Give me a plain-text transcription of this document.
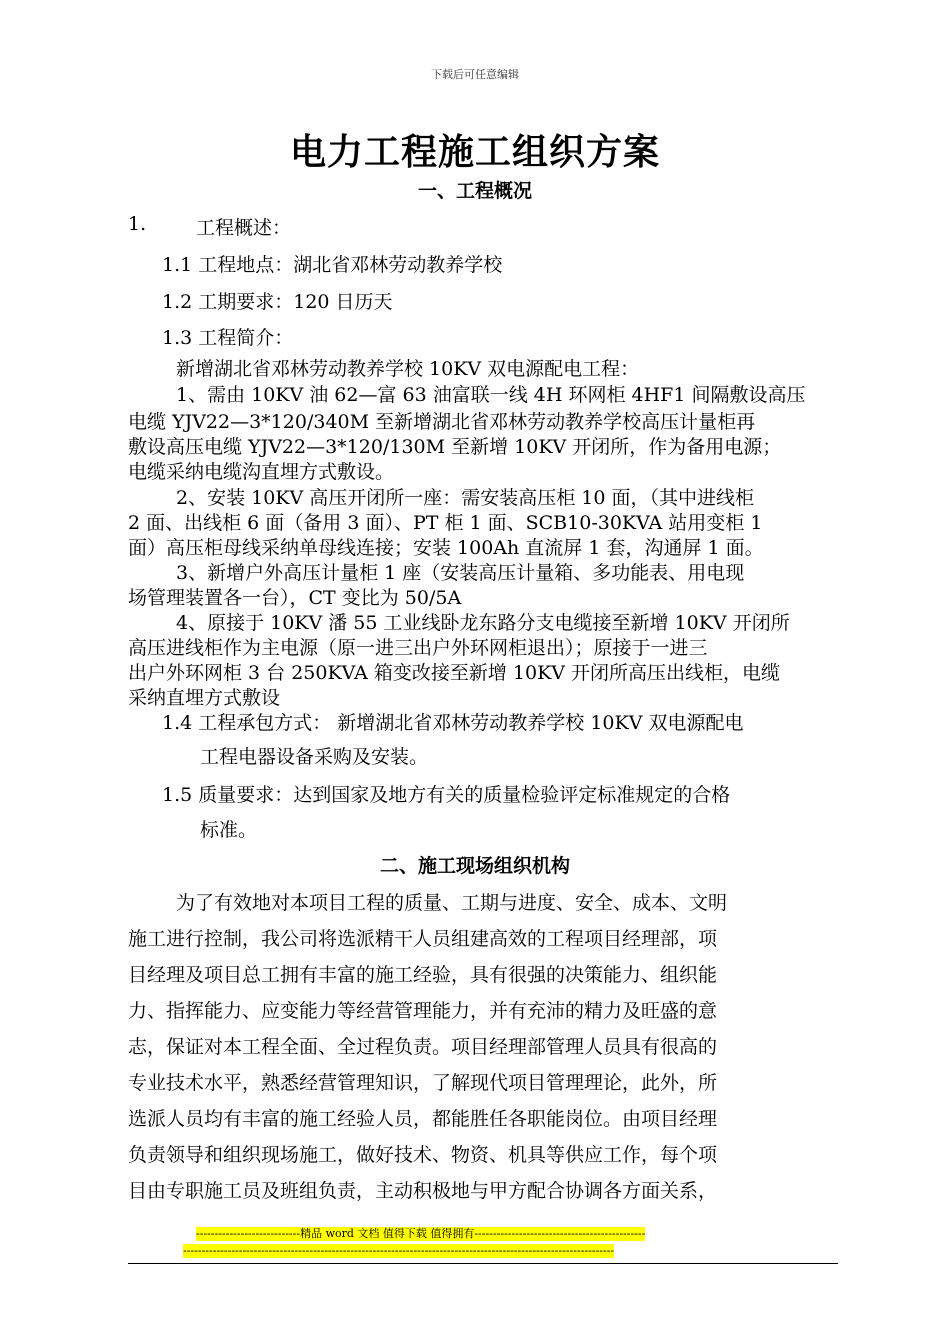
下载后可任意编辑
电力工程施工组织方案
一、工程概况
1.	工程概述：
1.1 工程地点：湖北省邓林劳动教养学校
1.2 工期要求：120 日历天
1.3 工程简介：
新增湖北省邓林劳动教养学校 10KV 双电源配电工程：
1、需由 10KV 油 62—富 63 油富联一线 4H 环网柜 4HF1 间隔敷设高压
电缆 YJV22—3*120/340M 至新增湖北省邓林劳动教养学校高压计量柜再
敷设高压电缆 YJV22—3*120/130M 至新增 10KV 开闭所，作为备用电源；
电缆采纳电缆沟直埋方式敷设。
2、安装 10KV 高压开闭所一座：需安装高压柜 10 面，（其中进线柜
2 面、出线柜 6 面（备用 3 面）、PT 柜 1 面、SCB10-30KVA 站用变柜 1
面）高压柜母线采纳单母线连接；安装 100Ah 直流屏 1 套，沟通屏 1 面。
3、新增户外高压计量柜 1 座（安装高压计量箱、多功能表、用电现
场管理装置各一台），CT 变比为 50/5A
4、原接于 10KV 潘 55 工业线卧龙东路分支电缆接至新增 10KV 开闭所
高压进线柜作为主电源（原一进三出户外环网柜退出）；原接于一进三
出户外环网柜 3 台 250KVA 箱变改接至新增 10KV 开闭所高压出线柜，电缆
采纳直埋方式敷设
1.4 工程承包方式： 新增湖北省邓林劳动教养学校 10KV 双电源配电
工程电器设备采购及安装。
1.5 质量要求：达到国家及地方有关的质量检验评定标准规定的合格
标准。
二、施工现场组织机构
为了有效地对本项目工程的质量、工期与进度、安全、成本、文明
施工进行控制，我公司将选派精干人员组建高效的工程项目经理部，项
目经理及项目总工拥有丰富的施工经验，具有很强的决策能力、组织能
力、指挥能力、应变能力等经营管理能力，并有充沛的精力及旺盛的意
志，保证对本工程全面、全过程负责。项目经理部管理人员具有很高的
专业技术水平，熟悉经营管理知识，了解现代项目管理理论，此外，所
选派人员均有丰富的施工经验人员，都能胜任各职能岗位。由项目经理
负责领导和组织现场施工，做好技术、物资、机具等供应工作，每个项
目由专职施工员及班组负责，主动积极地与甲方配合协调各方面关系，
----------------------------精品 word 文档 值得下载 值得拥有----------------------------------------------
--------------------------------------------------------------------------------------------------------------------
